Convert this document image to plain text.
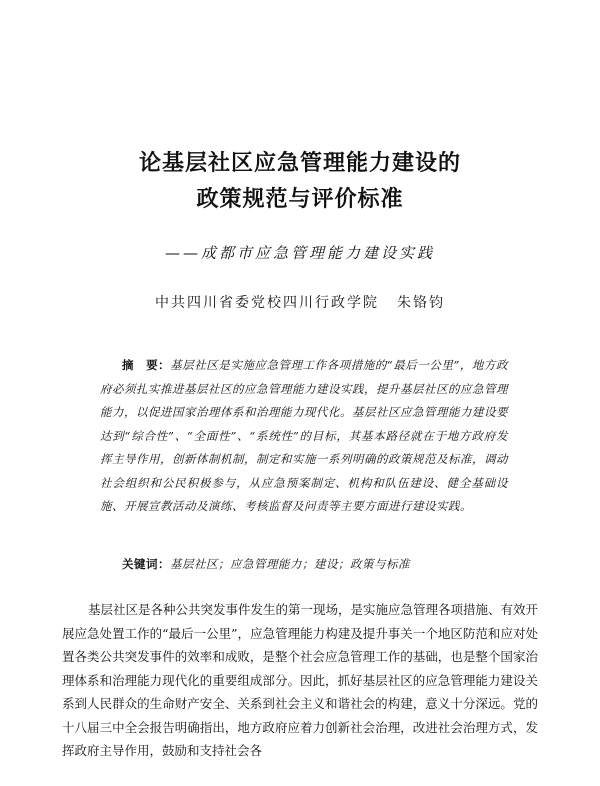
论基层社区应急管理能力建设的
政策规范与评价标准
——成都市应急管理能力建设实践
中共四川省委党校四川行政学院 朱铬钧
摘　要：基层社区是实施应急管理工作各项措施的“最后一公里”，地方政府必须扎实推进基层社区的应急管理能力建设实践，提升基层社区的应急管理能力，以促进国家治理体系和治理能力现代化。基层社区应急管理能力建设要达到“综合性”、“全面性”、“系统性”的目标，其基本路径就在于地方政府发挥主导作用，创新体制机制，制定和实施一系列明确的政策规范及标准，调动社会组织和公民积极参与，从应急预案制定、机构和队伍建设、健全基础设施、开展宣教活动及演练、考核监督及问责等主要方面进行建设实践。
关键词：基层社区；应急管理能力；建设；政策与标准
基层社区是各种公共突发事件发生的第一现场，是实施应急管理各项措施、有效开展应急处置工作的“最后一公里”，应急管理能力构建及提升事关一个地区防范和应对处置各类公共突发事件的效率和成败，是整个社会应急管理工作的基础，也是整个国家治理体系和治理能力现代化的重要组成部分。因此，抓好基层社区的应急管理能力建设关系到人民群众的生命财产安全、关系到社会主义和谐社会的构建，意义十分深远。党的十八届三中全会报告明确指出，地方政府应着力创新社会治理，改进社会治理方式，发挥政府主导作用，鼓励和支持社会各
